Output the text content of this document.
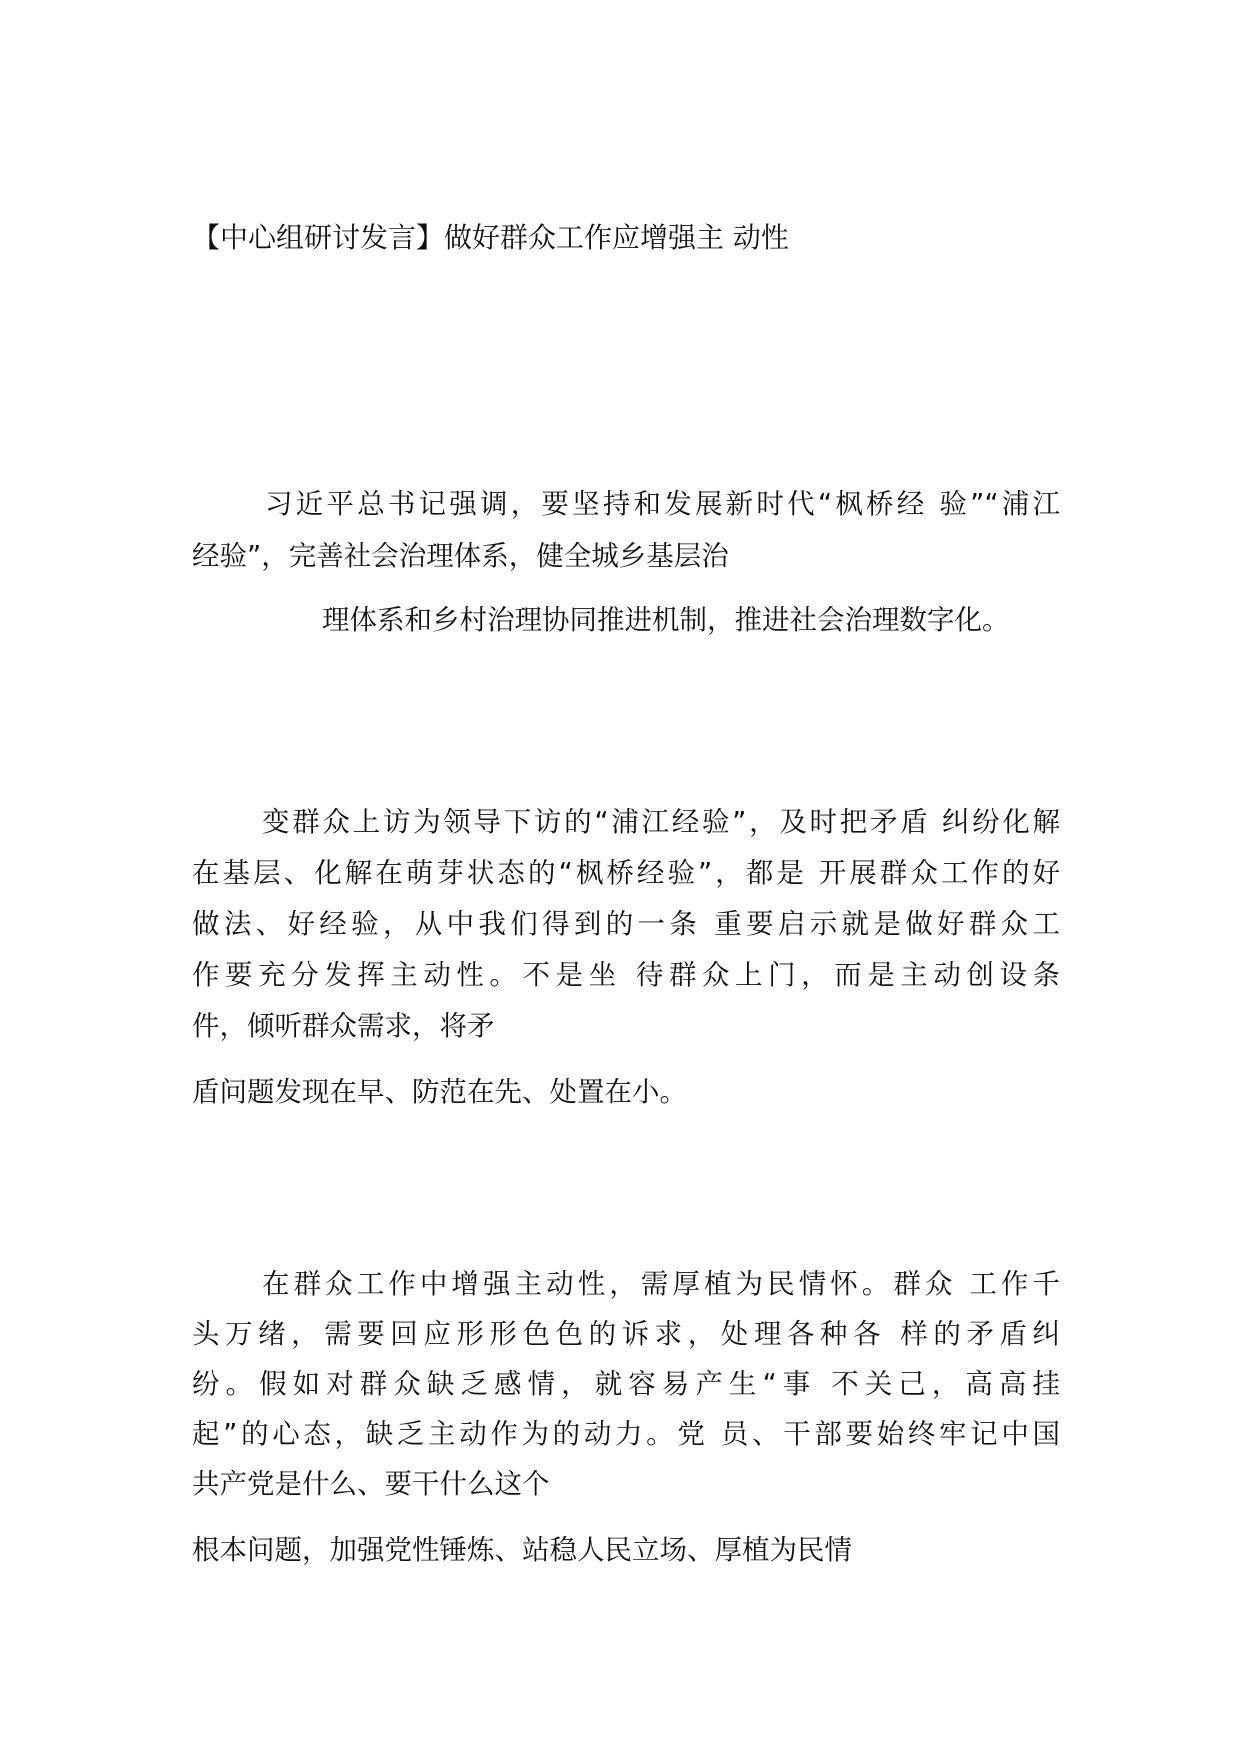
【中心组研讨发言】做好群众工作应增强主 动性
习近平总书记强调，要坚持和发展新时代“枫桥经 验”“浦江
经验”，完善社会治理体系，健全城乡基层治
理体系和乡村治理协同推进机制，推进社会治理数字化。
变群众上访为领导下访的“浦江经验”，及时把矛盾 纠纷化解
在基层、化解在萌芽状态的“枫桥经验”，都是 开展群众工作的好
做法、好经验，从中我们得到的一条 重要启示就是做好群众工
作要充分发挥主动性。不是坐 待群众上门，而是主动创设条
件，倾听群众需求，将矛
盾问题发现在早、防范在先、处置在小。
在群众工作中增强主动性，需厚植为民情怀。群众 工作千
头万绪，需要回应形形色色的诉求，处理各种各 样的矛盾纠
纷。假如对群众缺乏感情，就容易产生“事 不关己，高高挂
起”的心态，缺乏主动作为的动力。党 员、干部要始终牢记中国
共产党是什么、要干什么这个
根本问题，加强党性锤炼、站稳人民立场、厚植为民情
